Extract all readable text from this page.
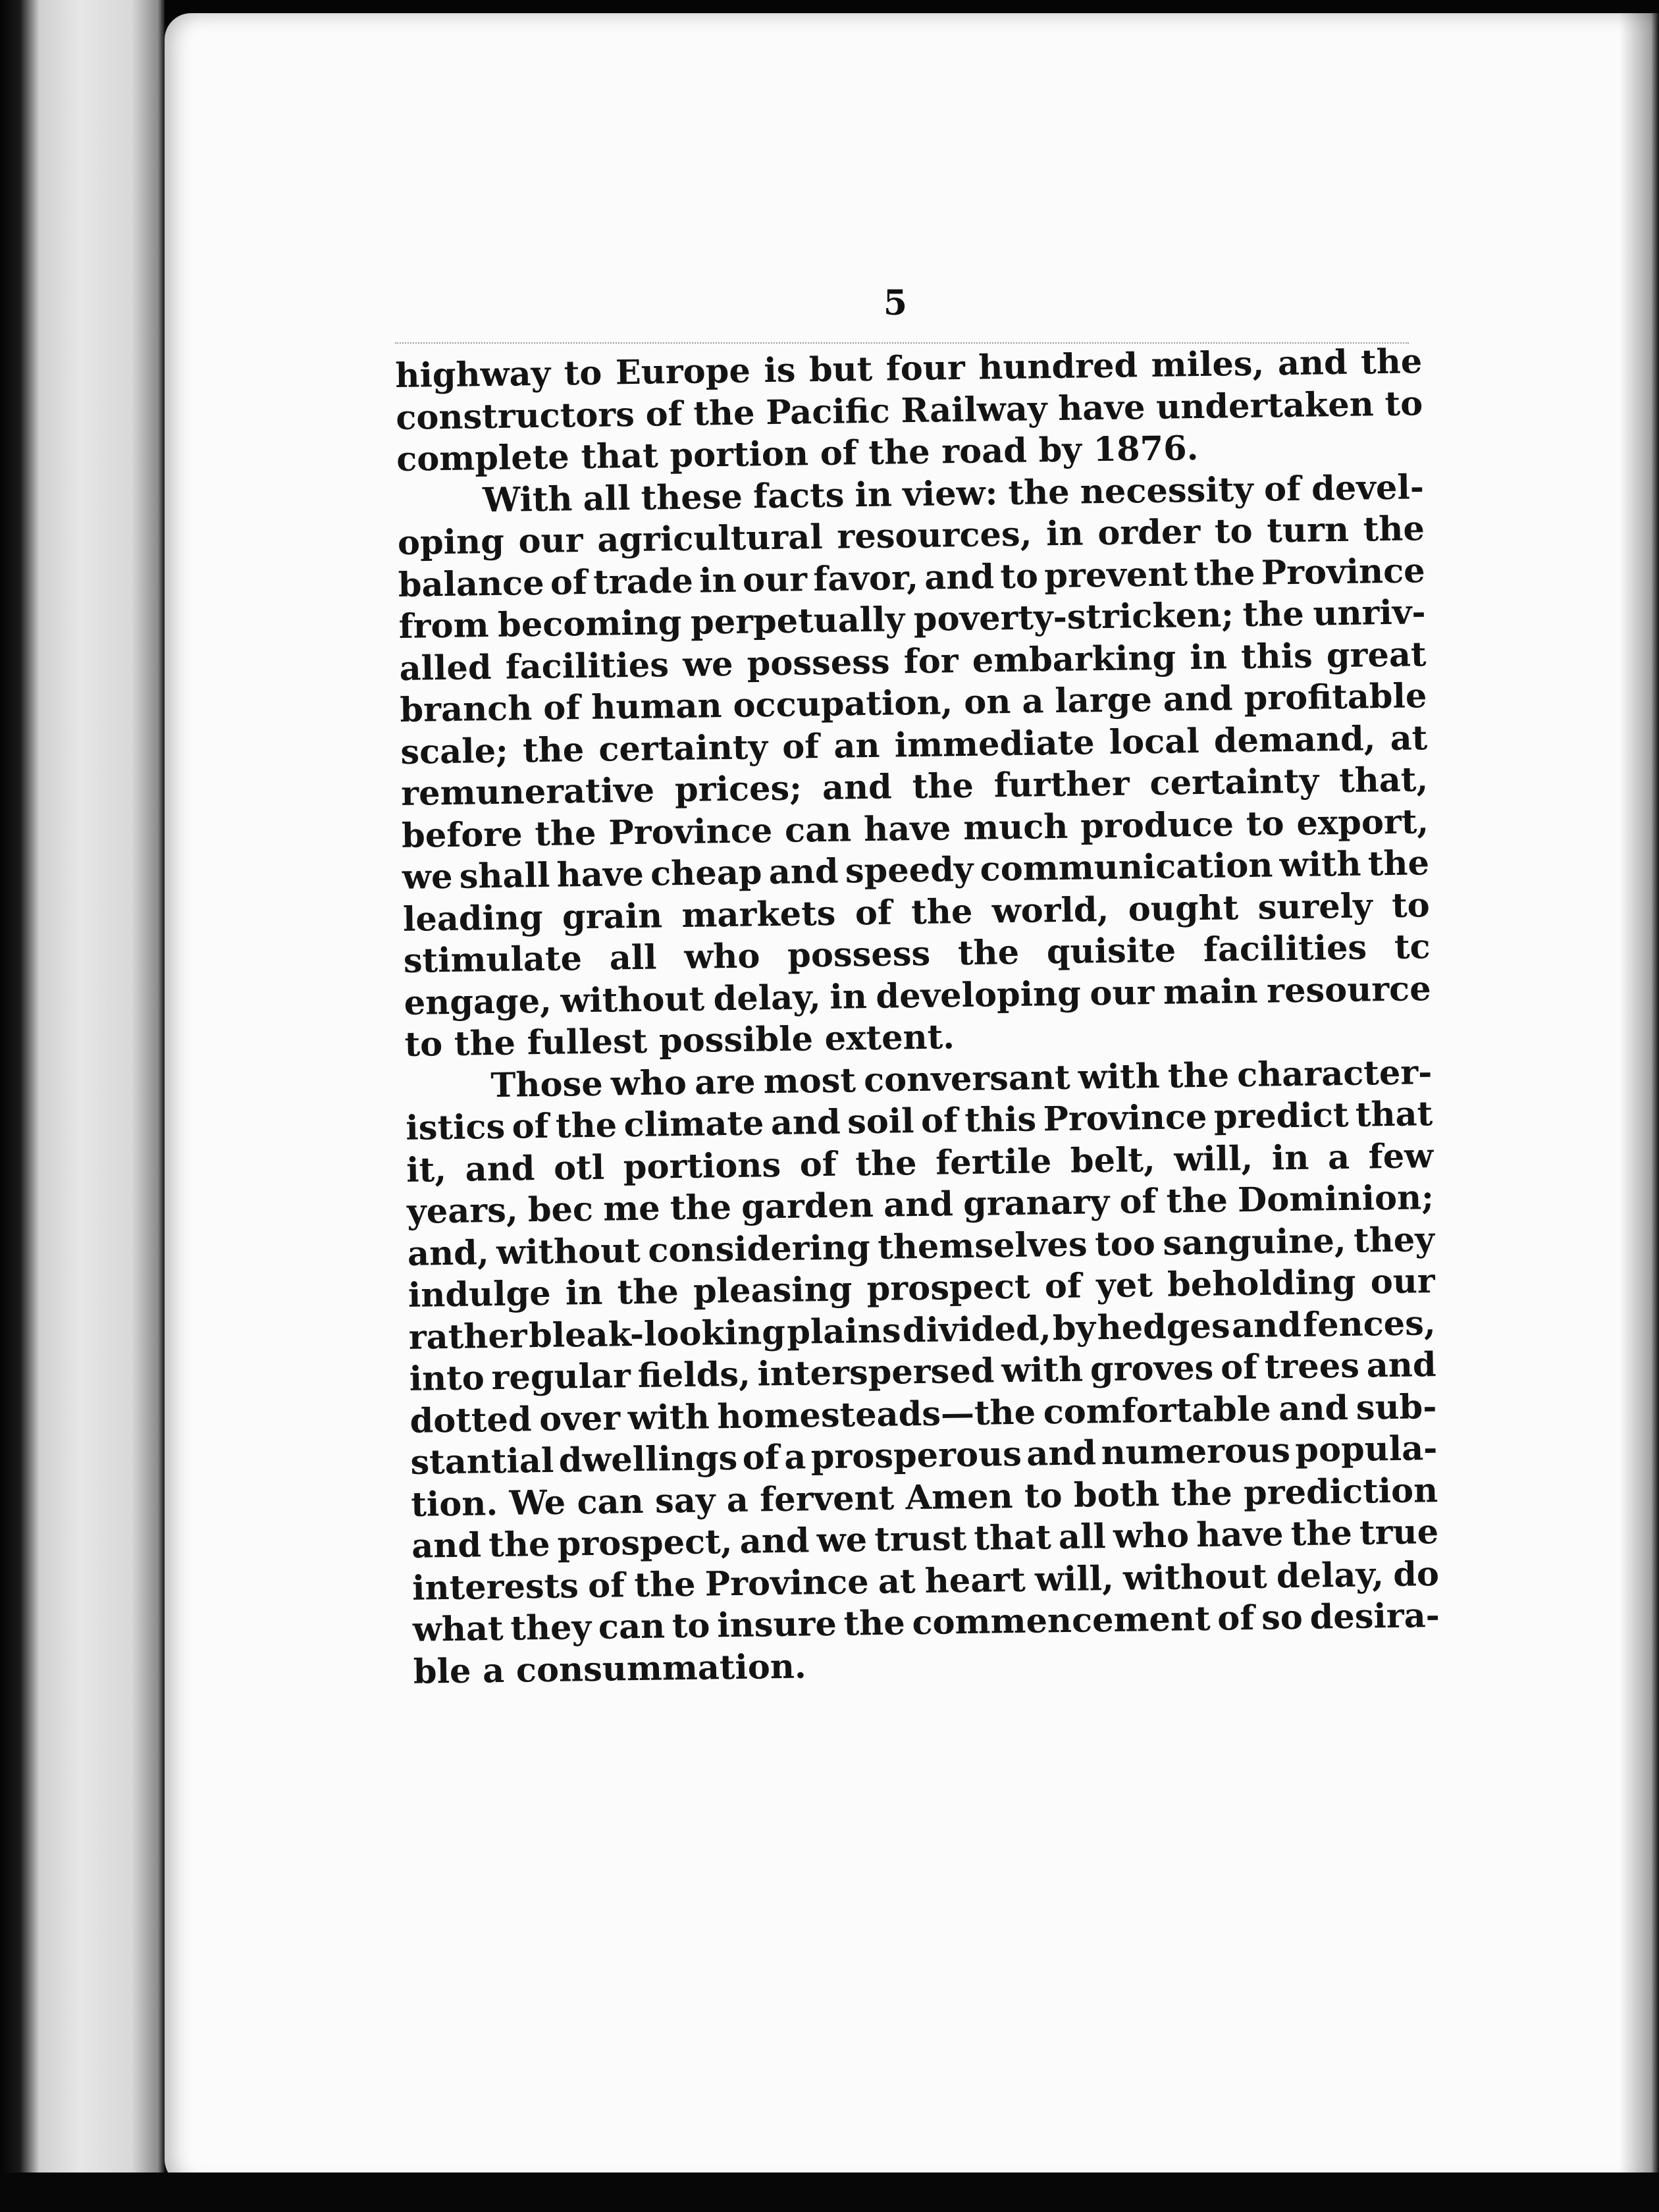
5
highway to Europe is but four hundred miles, and the
constructors of the Pacific Railway have undertaken to
complete that portion of the road by 1876.
With all these facts in view: the necessity of devel-
oping our agricultural resources, in order to turn the
balance of trade in our favor, and to prevent the Province
from becoming perpetually poverty-stricken; the unriv-
alled facilities we possess for embarking in this great
branch of human occupation, on a large and profitable
scale; the certainty of an immediate local demand, at
remunerative prices; and the further certainty that,
before the Province can have much produce to export,
we shall have cheap and speedy communication with the
leading grain markets of the world, ought surely to
stimulate all who possess the quisite facilities tc
engage, without delay, in developing our main resource
to the fullest possible extent.
Those who are most conversant with the character-
istics of the climate and soil of this Province predict that
it, and otl portions of the fertile belt, will, in a few
years, bec me the garden and granary of the Dominion;
and, without considering themselves too sanguine, they
indulge in the pleasing prospect of yet beholding our
rather bleak-looking plains divided, by hedges and fences,
into regular fields, interspersed with groves of trees and
dotted over with homesteads—the comfortable and sub-
stantial dwellings of a prosperous and numerous popula-
tion. We can say a fervent Amen to both the prediction
and the prospect, and we trust that all who have the true
interests of the Province at heart will, without delay, do
what they can to insure the commencement of so desira-
ble a consummation.
